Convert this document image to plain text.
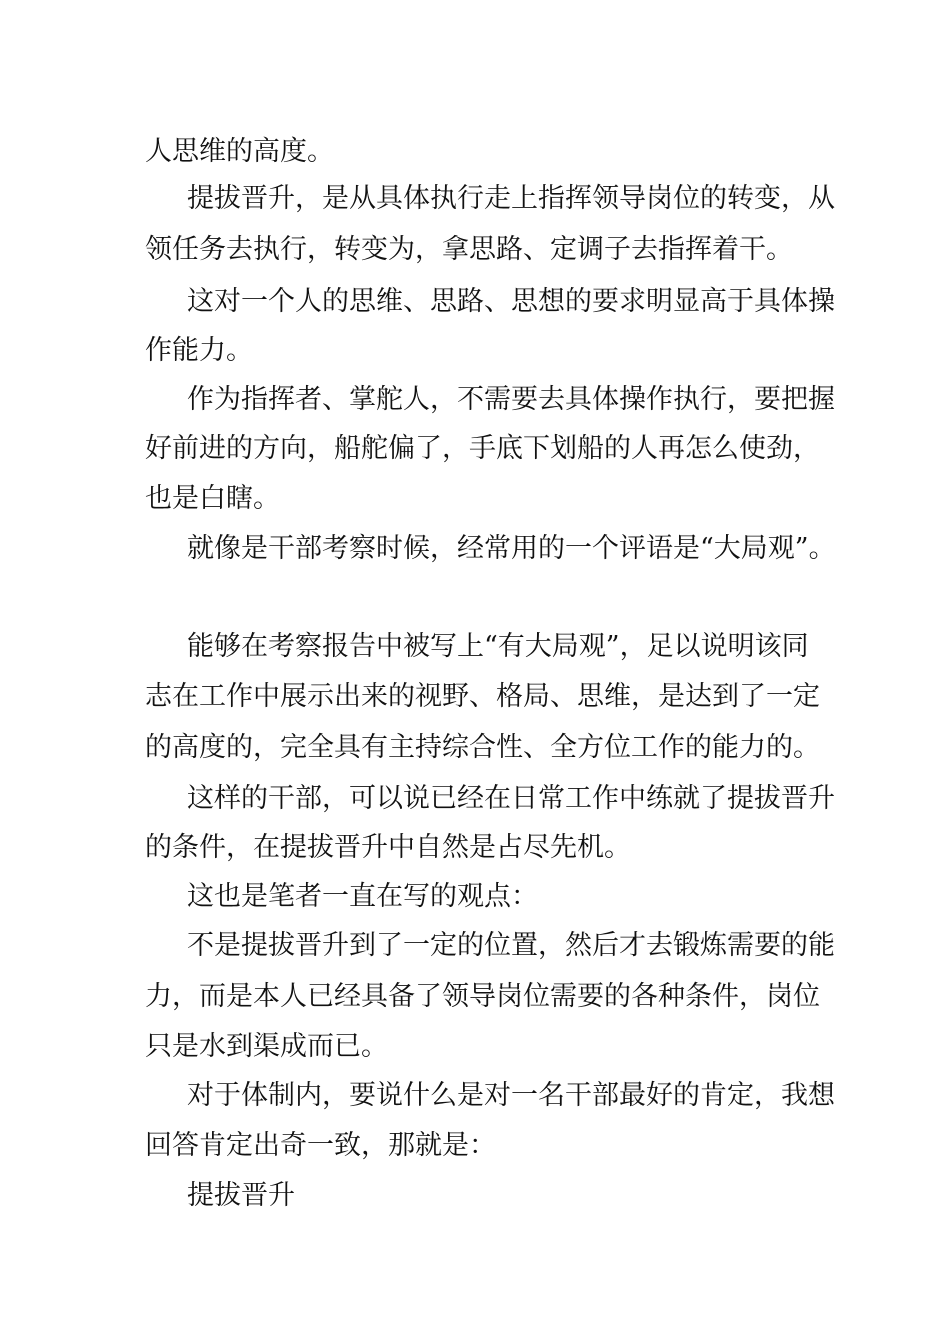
人思维的高度。
提拔晋升，是从具体执行走上指挥领导岗位的转变，从
领任务去执行，转变为，拿思路、定调子去指挥着干。
这对一个人的思维、思路、思想的要求明显高于具体操
作能力。
作为指挥者、掌舵人，不需要去具体操作执行，要把握
好前进的方向，船舵偏了，手底下划船的人再怎么使劲，
也是白瞎。
就像是干部考察时候，经常用的一个评语是“大局观”。
能够在考察报告中被写上“有大局观”，足以说明该同
志在工作中展示出来的视野、格局、思维，是达到了一定
的高度的，完全具有主持综合性、全方位工作的能力的。
这样的干部，可以说已经在日常工作中练就了提拔晋升
的条件，在提拔晋升中自然是占尽先机。
这也是笔者一直在写的观点：
不是提拔晋升到了一定的位置，然后才去锻炼需要的能
力，而是本人已经具备了领导岗位需要的各种条件，岗位
只是水到渠成而已。
对于体制内，要说什么是对一名干部最好的肯定，我想
回答肯定出奇一致，那就是：
提拔晋升
